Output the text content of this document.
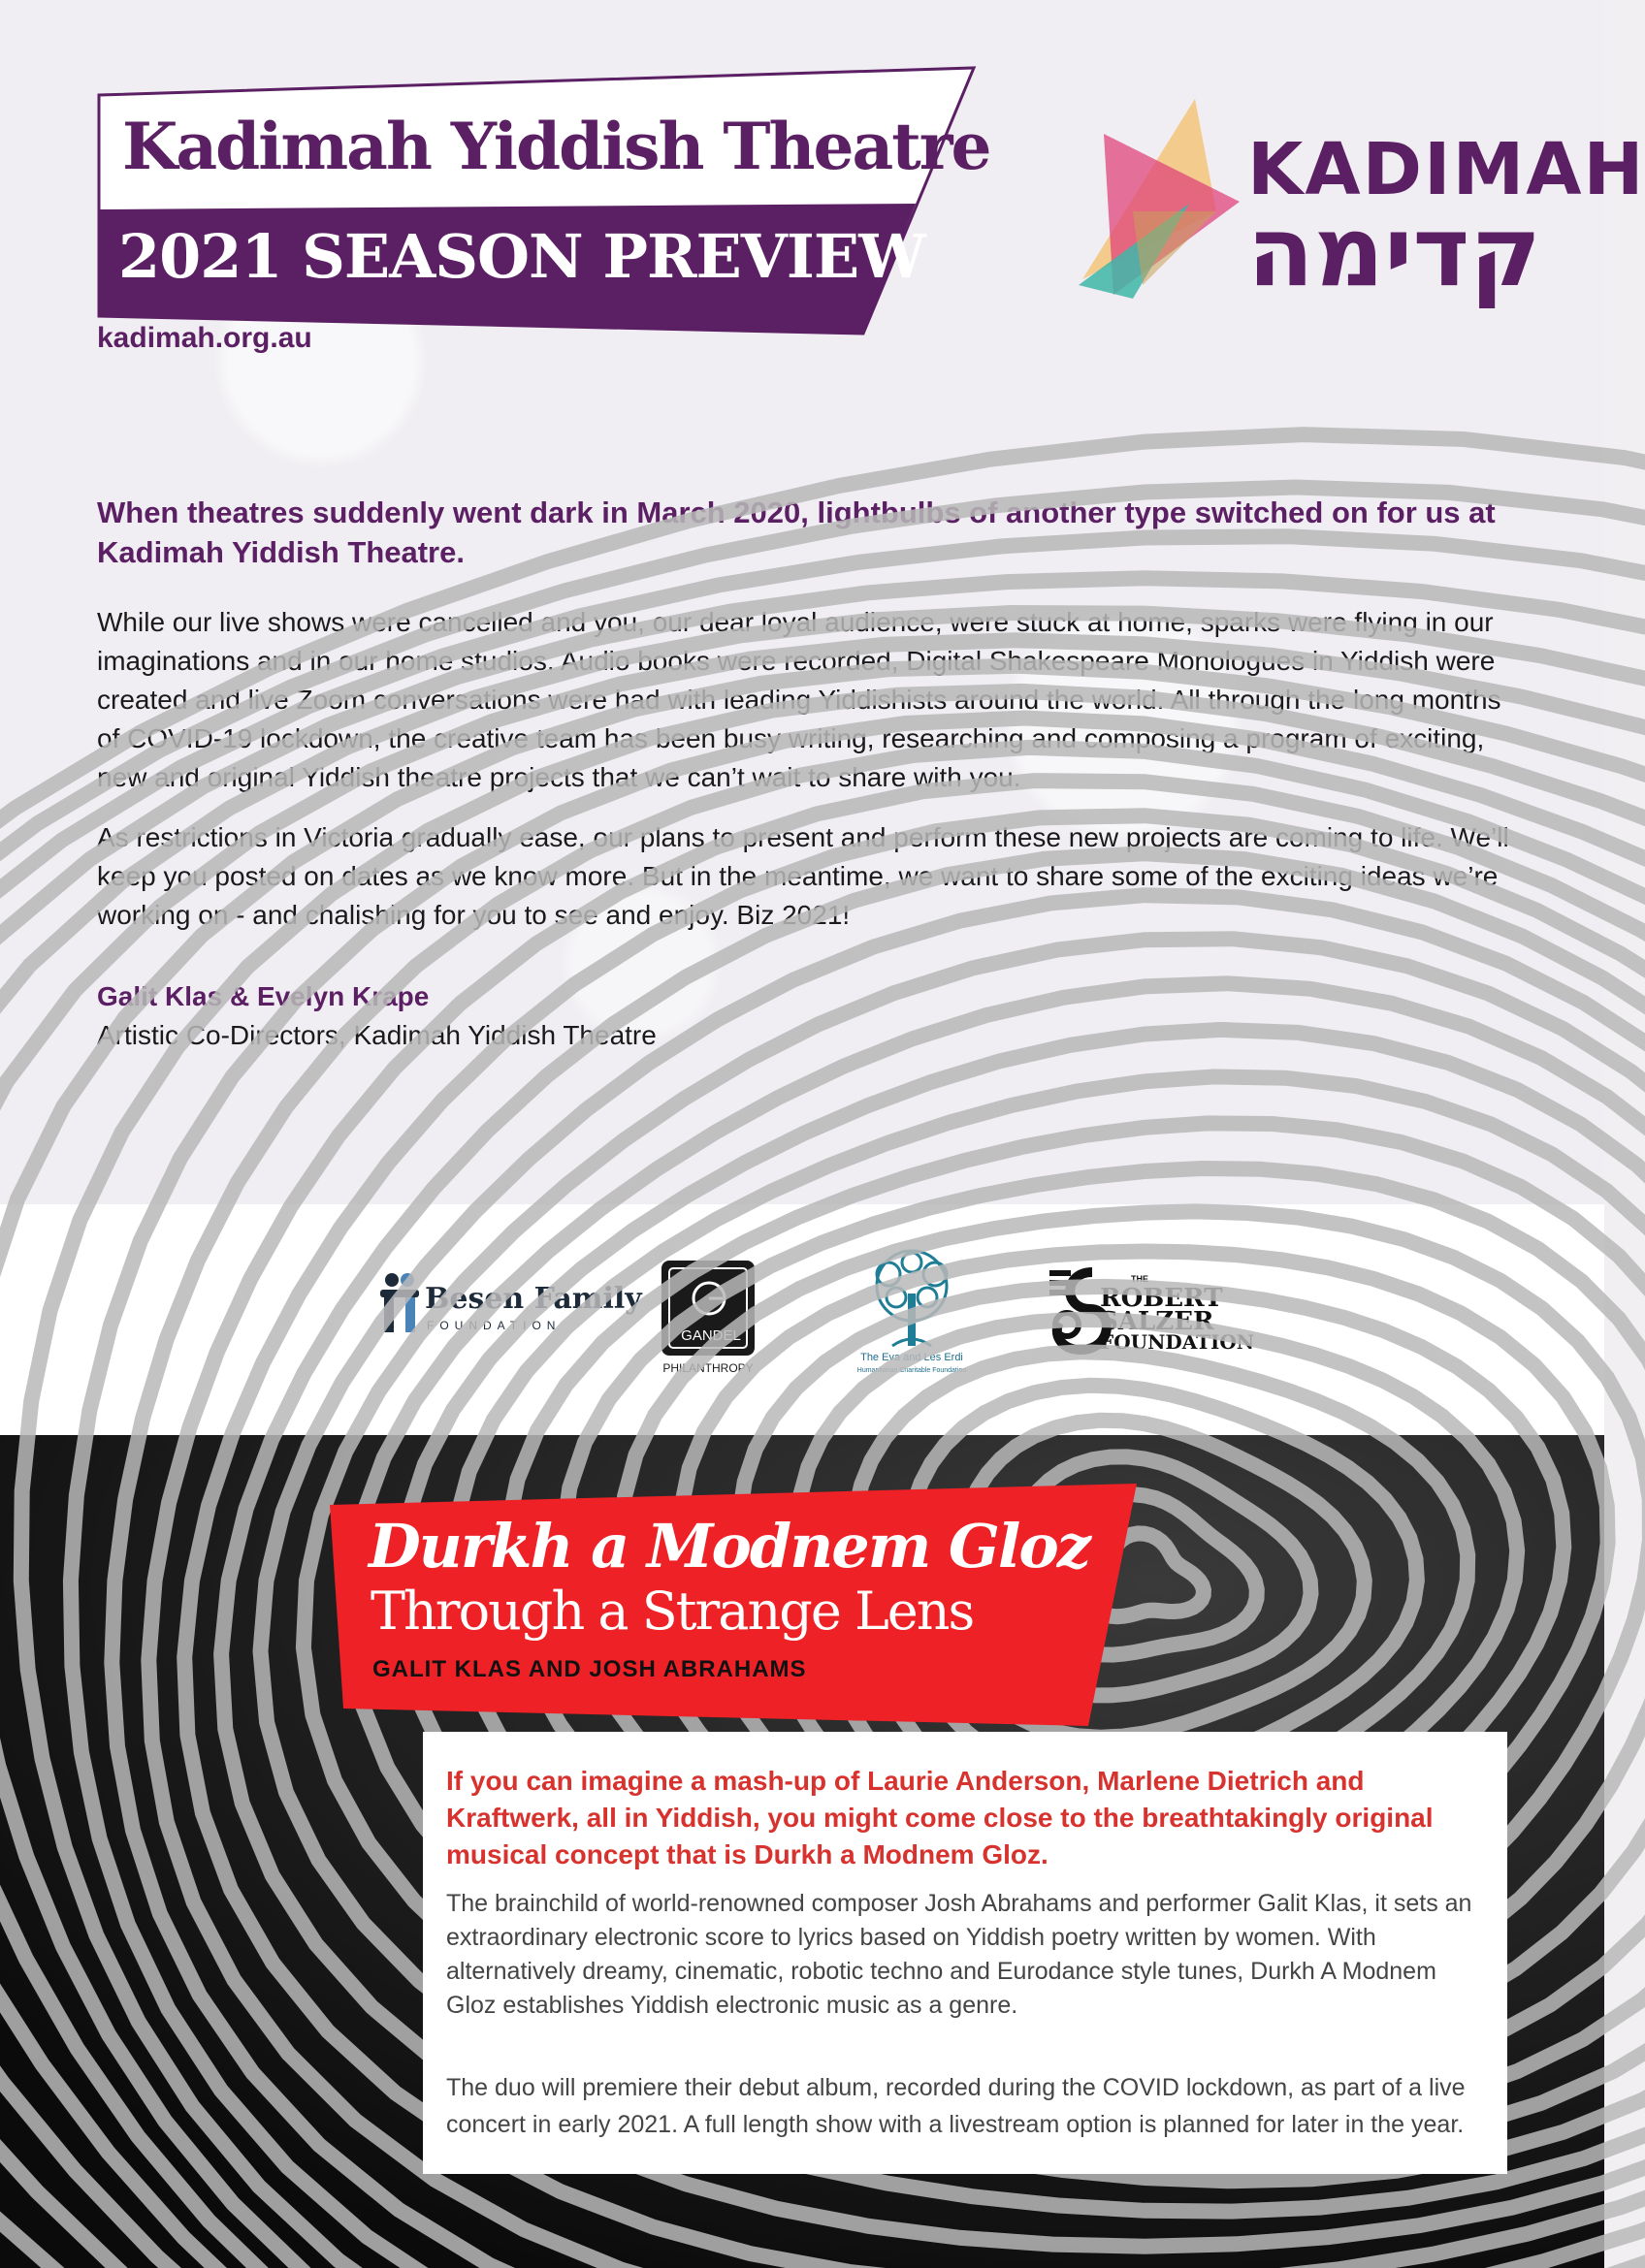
Kadimah Yiddish Theatre
2021 SEASON PREVIEW
kadimah.org.au
KADIMAH
קדימה
When theatres suddenly went dark in March 2020, lightbulbs of another type switched on for us at Kadimah Yiddish Theatre.

While our live shows were cancelled and you, our dear loyal audience, were stuck at home, sparks were flying in our imaginations and in our home studios. Audio books were recorded, Digital Shakespeare Monologues in Yiddish were created and live Zoom conversations were had with leading Yiddishists around the world. All through the long months of COVID-19 lockdown, the creative team has been busy writing, researching and composing a program of exciting, new and original Yiddish theatre projects that we can’t wait to share with you.

As restrictions in Victoria gradually ease, our plans to present and perform these new projects are coming to life. We’ll keep you posted on dates as we know more. But in the meantime, we want to share some of the exciting ideas we’re working on - and chalishing for you to see and enjoy. Biz 2021!

Galit Klas & Evelyn Krape
Artistic Co-Directors, Kadimah Yiddish Theatre
Besen Family
FOUNDATION
GANDEL
PHILANTHROPY
The Eva and Les Erdi
Humanitarian Charitable Foundation
THE
ROBERT
SALZER
FOUNDATION
Durkh a Modnem Gloz
Through a Strange Lens
GALIT KLAS AND JOSH ABRAHAMS
If you can imagine a mash-up of Laurie Anderson, Marlene Dietrich and Kraftwerk, all in Yiddish, you might come close to the breathtakingly original musical concept that is Durkh a Modnem Gloz.

The brainchild of world-renowned composer Josh Abrahams and performer Galit Klas, it sets an extraordinary electronic score to lyrics based on Yiddish poetry written by women. With alternatively dreamy, cinematic, robotic techno and Eurodance style tunes, Durkh A Modnem Gloz establishes Yiddish electronic music as a genre.

The duo will premiere their debut album, recorded during the COVID lockdown, as part of a live concert in early 2021. A full length show with a livestream option is planned for later in the year.
